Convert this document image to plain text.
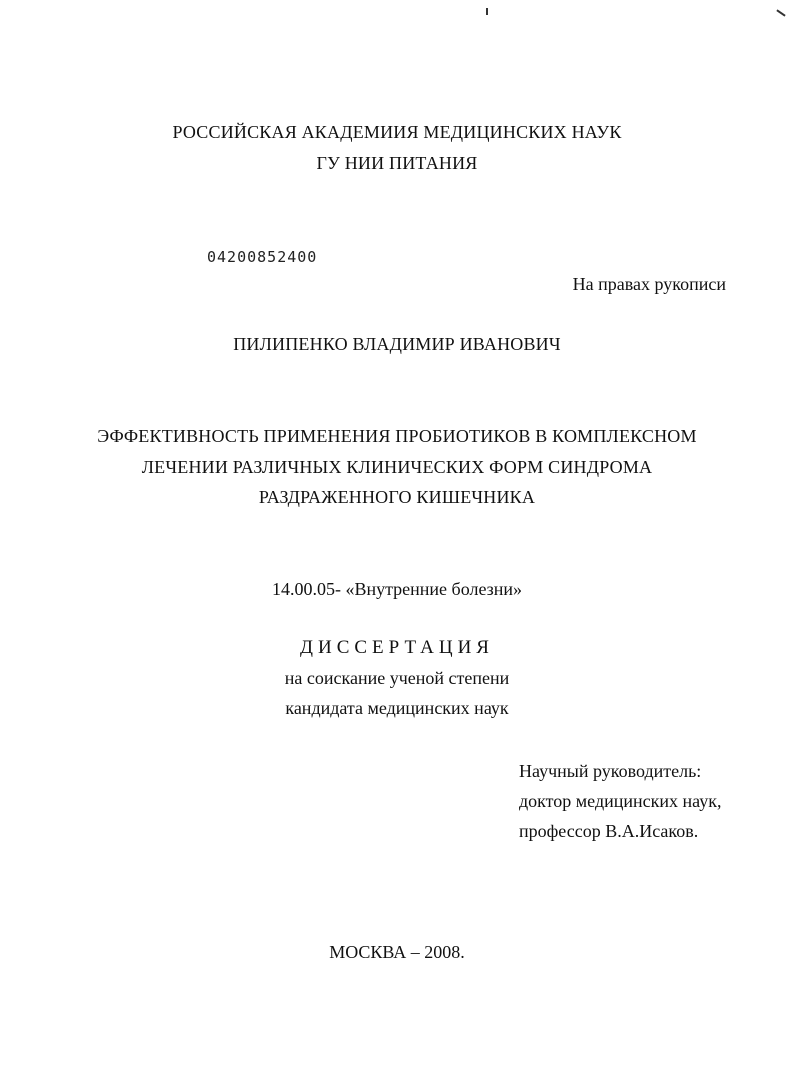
РОССИЙСКАЯ АКАДЕМИИЯ МЕДИЦИНСКИХ НАУК
ГУ НИИ ПИТАНИЯ
04200852400
На правах рукописи
ПИЛИПЕНКО ВЛАДИМИР ИВАНОВИЧ
ЭФФЕКТИВНОСТЬ ПРИМЕНЕНИЯ ПРОБИОТИКОВ В КОМПЛЕКСНОМ
ЛЕЧЕНИИ РАЗЛИЧНЫХ КЛИНИЧЕСКИХ ФОРМ СИНДРОМА
РАЗДРАЖЕННОГО КИШЕЧНИКА
14.00.05- «Внутренние болезни»
ДИССЕРТАЦИЯ
на соискание ученой степени
кандидата медицинских наук
Научный руководитель:
доктор медицинских наук,
профессор В.А.Исаков.
МОСКВА – 2008.
